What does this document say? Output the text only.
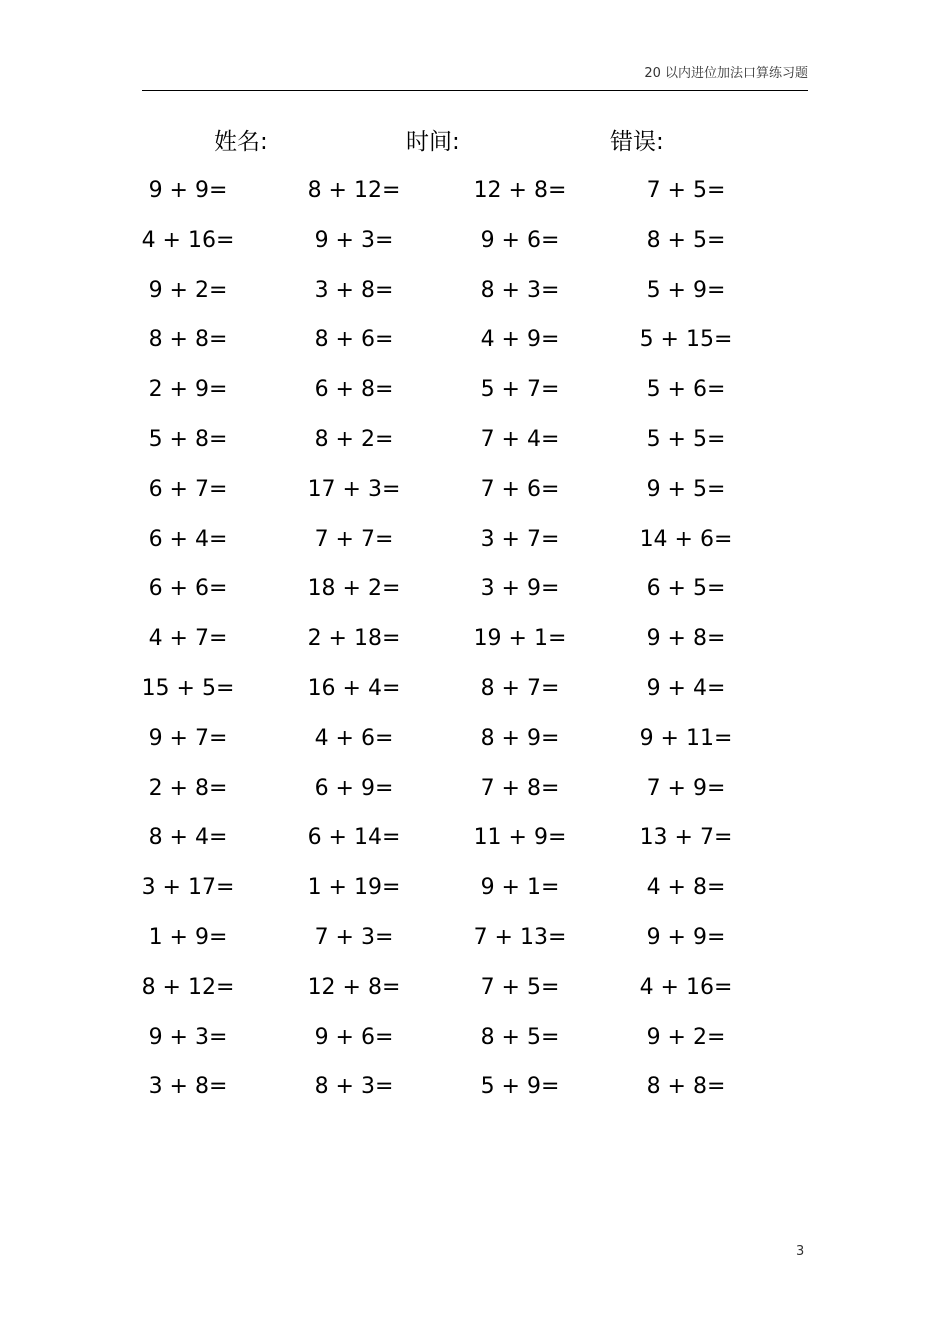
20 以内进位加法口算练习题
姓名:	时间:	错误:
9 + 9=	8 + 12=	12 + 8=	7 + 5=
4 + 16=	9 + 3=	9 + 6=	8 + 5=
9 + 2=	3 + 8=	8 + 3=	5 + 9=
8 + 8=	8 + 6=	4 + 9=	5 + 15=
2 + 9=	6 + 8=	5 + 7=	5 + 6=
5 + 8=	8 + 2=	7 + 4=	5 + 5=
6 + 7=	17 + 3=	7 + 6=	9 + 5=
6 + 4=	7 + 7=	3 + 7=	14 + 6=
6 + 6=	18 + 2=	3 + 9=	6 + 5=
4 + 7=	2 + 18=	19 + 1=	9 + 8=
15 + 5=	16 + 4=	8 + 7=	9 + 4=
9 + 7=	4 + 6=	8 + 9=	9 + 11=
2 + 8=	6 + 9=	7 + 8=	7 + 9=
8 + 4=	6 + 14=	11 + 9=	13 + 7=
3 + 17=	1 + 19=	9 + 1=	4 + 8=
1 + 9=	7 + 3=	7 + 13=	9 + 9=
8 + 12=	12 + 8=	7 + 5=	4 + 16=
9 + 3=	9 + 6=	8 + 5=	9 + 2=
3 + 8=	8 + 3=	5 + 9=	8 + 8=
3
